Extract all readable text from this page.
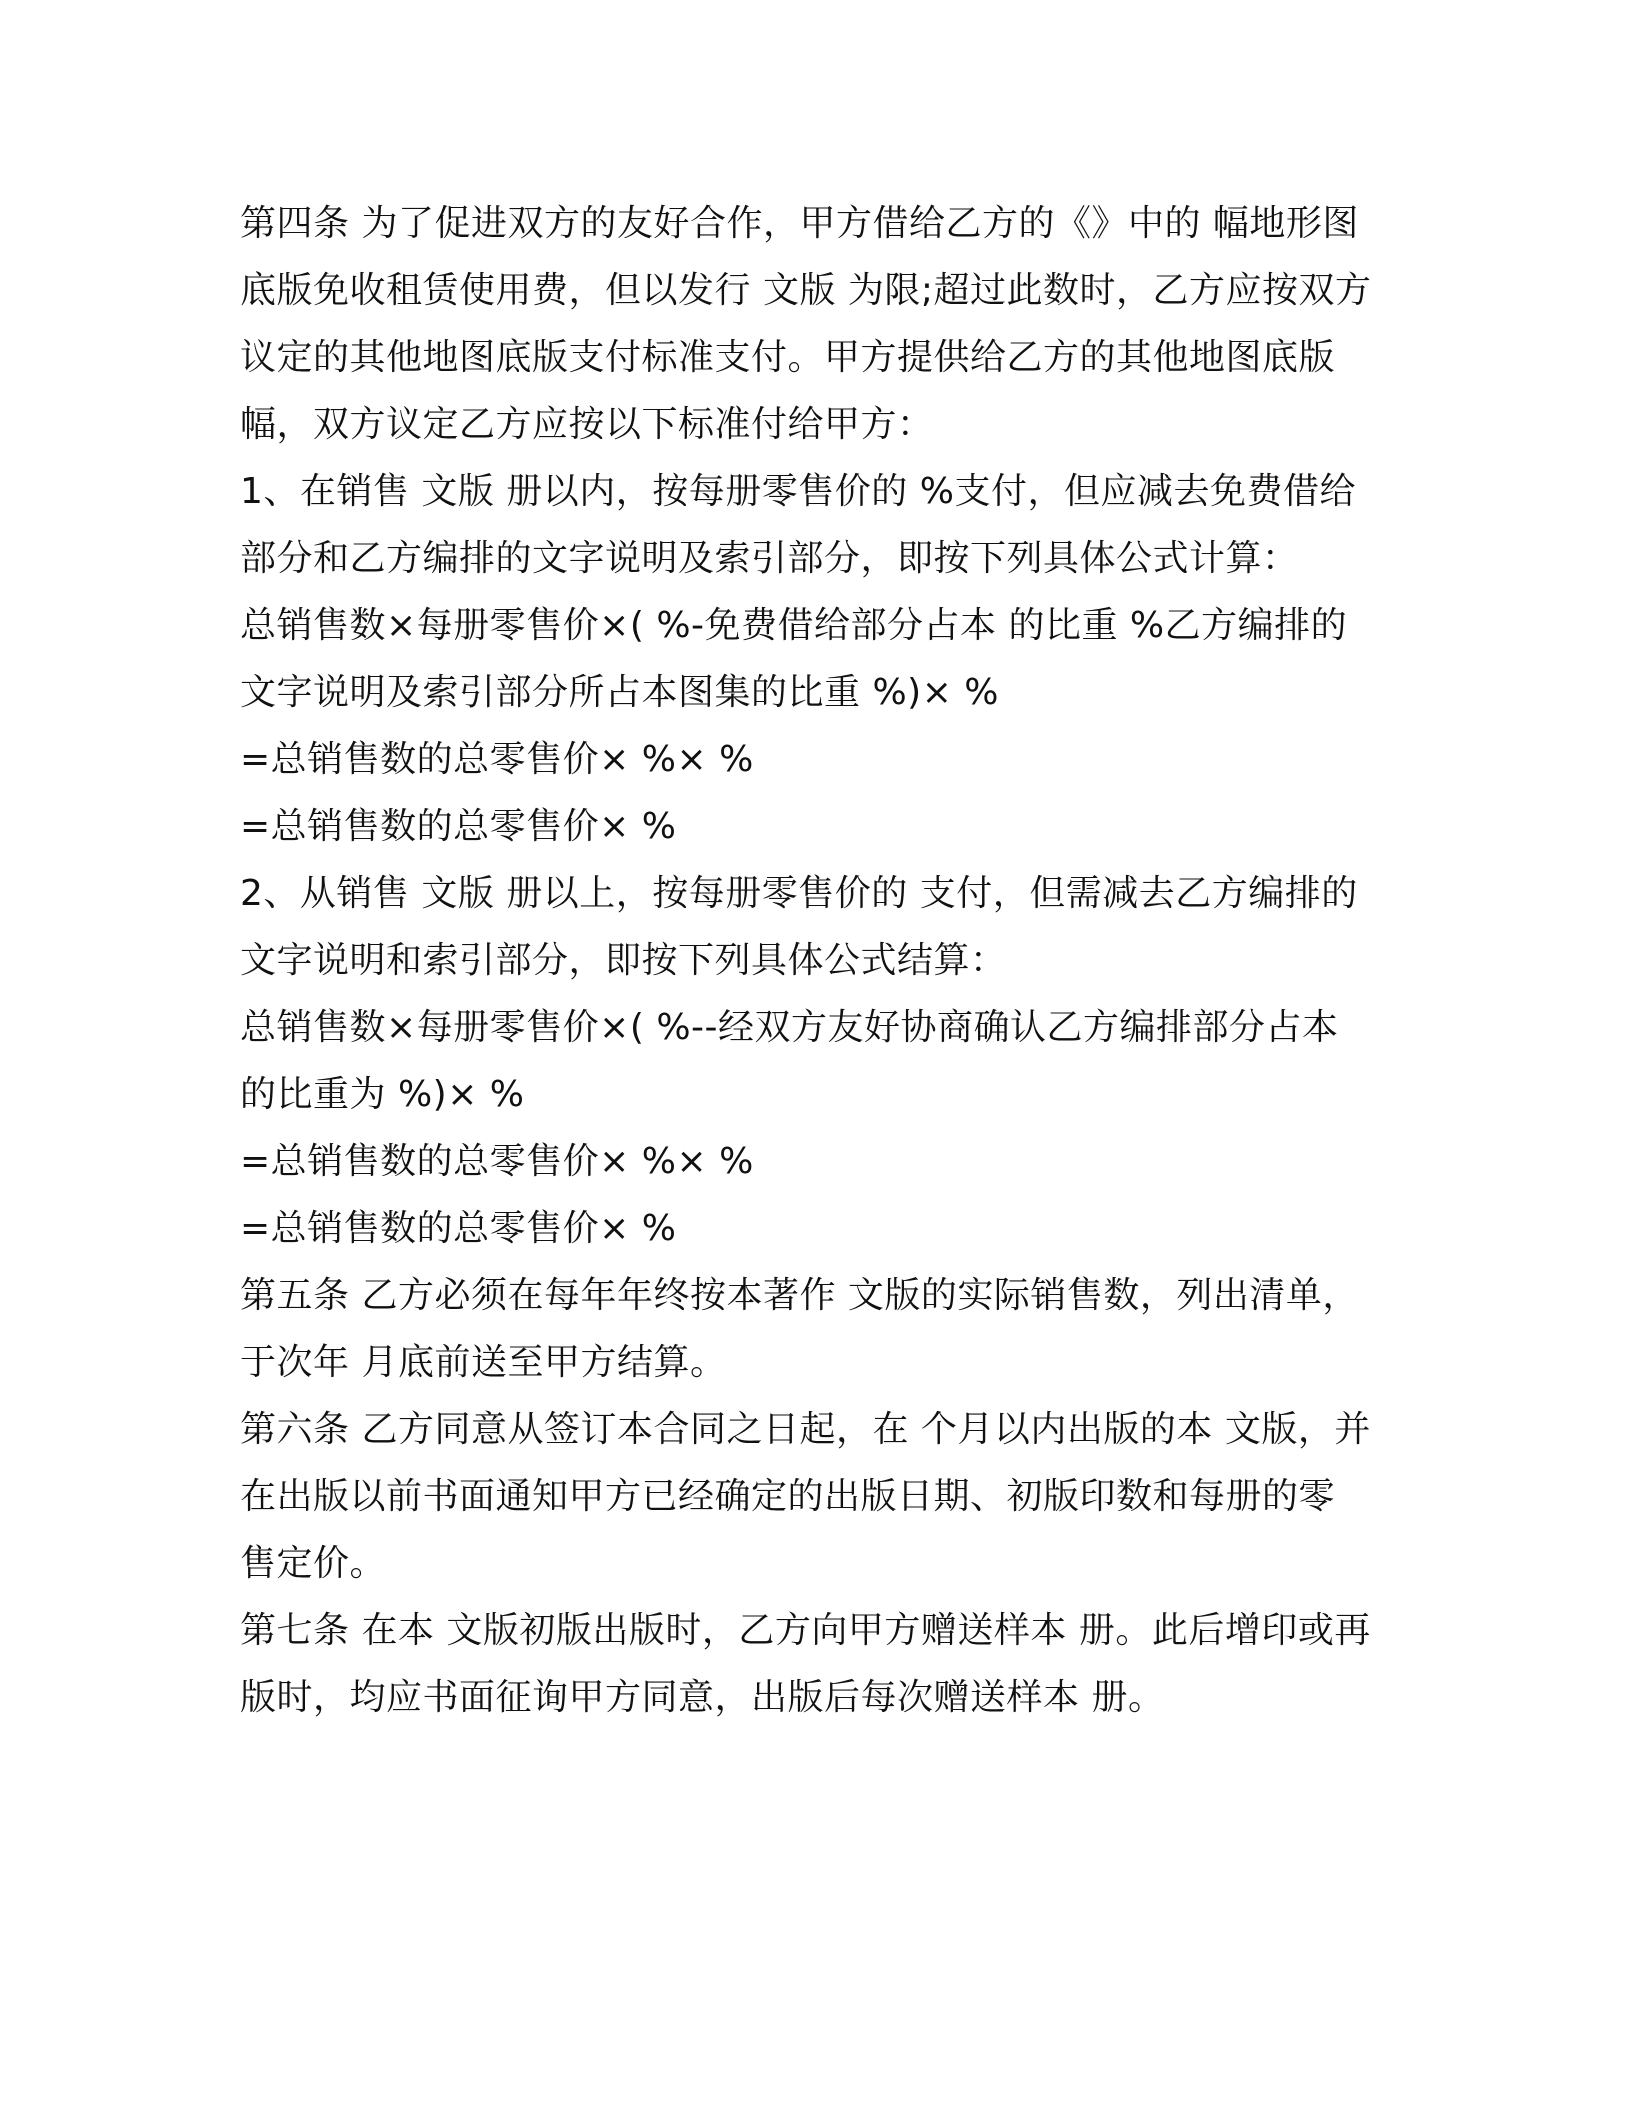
第四条 为了促进双方的友好合作，甲方借给乙方的《》中的 幅地形图
底版免收租赁使用费，但以发行 文版 为限;超过此数时，乙方应按双方
议定的其他地图底版支付标准支付。甲方提供给乙方的其他地图底版
幅，双方议定乙方应按以下标准付给甲方：
1、在销售 文版 册以内，按每册零售价的 %支付，但应减去免费借给
部分和乙方编排的文字说明及索引部分，即按下列具体公式计算：
总销售数×每册零售价×( %-免费借给部分占本 的比重 %乙方编排的
文字说明及索引部分所占本图集的比重 %)× %
=总销售数的总零售价× %× %
=总销售数的总零售价× %
2、从销售 文版 册以上，按每册零售价的 支付，但需减去乙方编排的
文字说明和索引部分，即按下列具体公式结算：
总销售数×每册零售价×( %--经双方友好协商确认乙方编排部分占本
的比重为 %)× %
=总销售数的总零售价× %× %
=总销售数的总零售价× %
第五条 乙方必须在每年年终按本著作 文版的实际销售数，列出清单，
于次年 月底前送至甲方结算。
第六条 乙方同意从签订本合同之日起，在 个月以内出版的本 文版，并
在出版以前书面通知甲方已经确定的出版日期、初版印数和每册的零
售定价。
第七条 在本 文版初版出版时，乙方向甲方赠送样本 册。此后增印或再
版时，均应书面征询甲方同意，出版后每次赠送样本 册。
